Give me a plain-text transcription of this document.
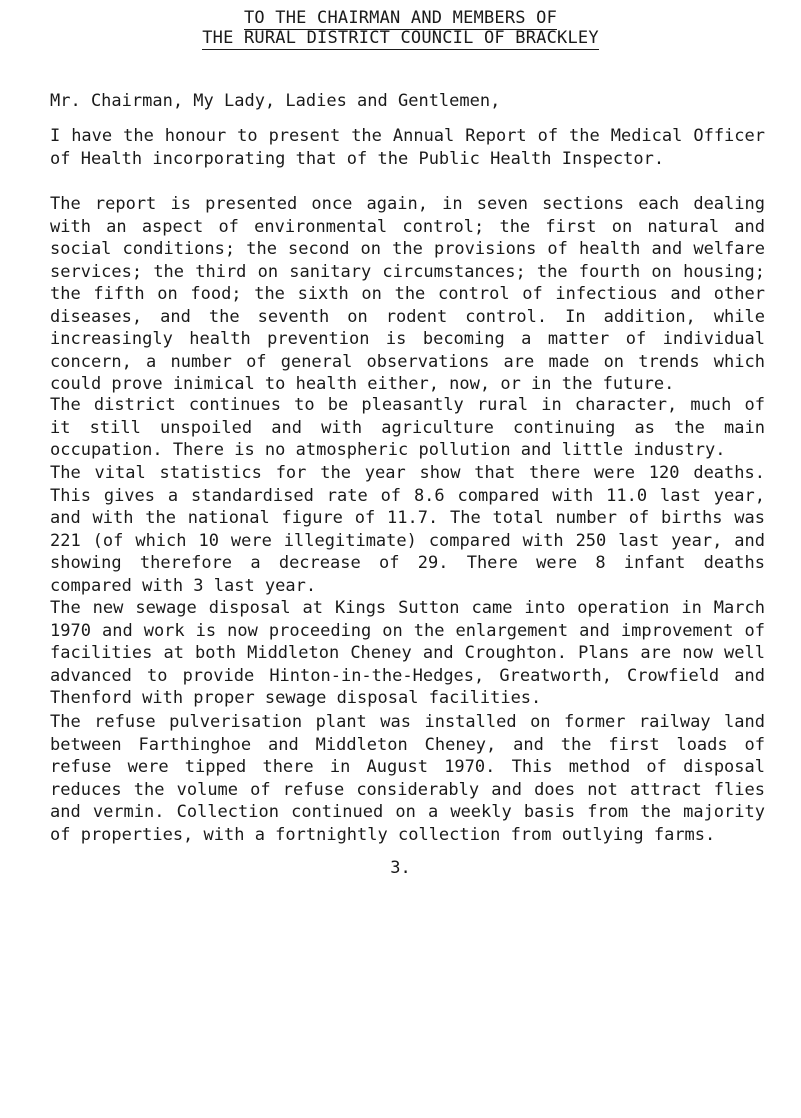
TO THE CHAIRMAN AND MEMBERS OF
THE RURAL DISTRICT COUNCIL OF BRACKLEY
Mr. Chairman, My Lady, Ladies and Gentlemen,

I have the honour to present the Annual Report of the Medical Officer of Health incorporating that of the Public Health Inspector.

The report is presented once again, in seven sections each dealing with an aspect of environmental control; the first on natural and social conditions; the second on the provisions of health and welfare services; the third on sanitary circumstances; the fourth on housing; the fifth on food; the sixth on the control of infectious and other diseases, and the seventh on rodent control. In addition, while increasingly health prevention is becoming a matter of individual concern, a number of general observations are made on trends which could prove inimical to health either, now, or in the future.

The district continues to be pleasantly rural in character, much of it still unspoiled and with agriculture continuing as the main occupation. There is no atmospheric pollution and little industry.

The vital statistics for the year show that there were 120 deaths. This gives a standardised rate of 8.6 compared with 11.0 last year, and with the national figure of 11.7. The total number of births was 221 (of which 10 were illegitimate) compared with 250 last year, and showing therefore a decrease of 29. There were 8 infant deaths compared with 3 last year.

The new sewage disposal at Kings Sutton came into operation in March 1970 and work is now proceeding on the enlargement and improvement of facilities at both Middleton Cheney and Croughton. Plans are now well advanced to provide Hinton-in-the-Hedges, Greatworth, Crowfield and Thenford with proper sewage disposal facilities.

The refuse pulverisation plant was installed on former railway land between Farthinghoe and Middleton Cheney, and the first loads of refuse were tipped there in August 1970. This method of disposal reduces the volume of refuse considerably and does not attract flies and vermin. Collection continued on a weekly basis from the majority of properties, with a fortnightly collection from outlying farms.

3.
